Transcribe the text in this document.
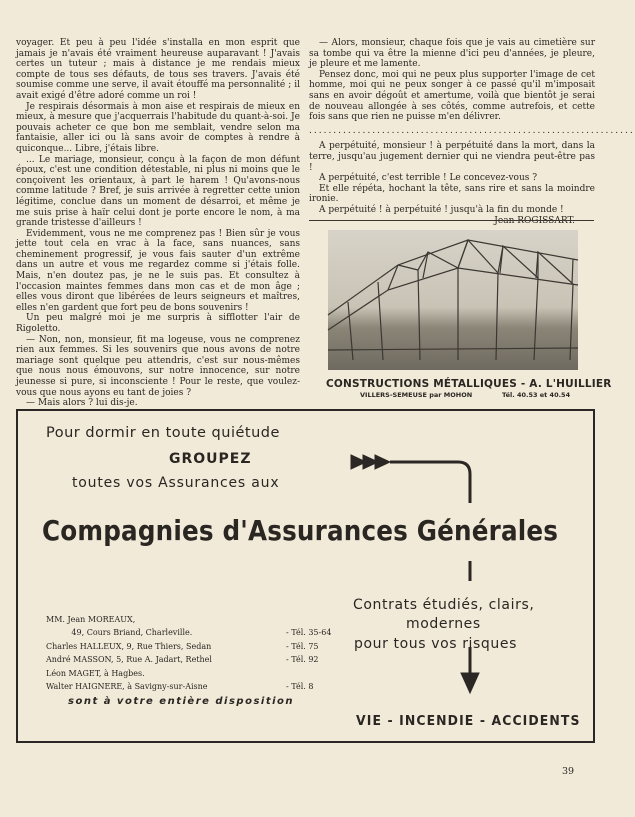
voyager. Et peu à peu l'idée s'installa en mon esprit que jamais je n'avais été vraiment heureuse auparavant ! J'avais certes un tuteur ; mais à distance je me rendais mieux compte de tous ses défauts, de tous ses travers. J'avais été soumise comme une serve, il avait étouffé ma personnalité ; il avait exigé d'être adoré comme un roi !

Je respirais désormais à mon aise et respirais de mieux en mieux, à mesure que j'acquerrais l'habitude du quant-à-soi. Je pouvais acheter ce que bon me semblait, vendre selon ma fantaisie, aller ici ou là sans avoir de comptes à rendre à quiconque... Libre, j'étais libre.

... Le mariage, monsieur, conçu à la façon de mon défunt époux, c'est une condition détestable, ni plus ni moins que le conçoivent les orientaux, à part le harem ! Qu'avons-nous comme latitude ? Bref, je suis arrivée à regretter cette union légitime, conclue dans un moment de désarroi, et même je me suis prise à haïr celui dont je porte encore le nom, à ma grande tristesse d'ailleurs !

Evidemment, vous ne me comprenez pas ! Bien sûr je vous jette tout cela en vrac à la face, sans nuances, sans cheminement progressif, je vous fais sauter d'un extrême dans un autre et vous me regardez comme si j'étais folle. Mais, n'en doutez pas, je ne le suis pas. Et consultez à l'occasion maintes femmes dans mon cas et de mon âge ; elles vous diront que libérées de leurs seigneurs et maîtres, elles n'en gardent que fort peu de bons souvenirs !

Un peu malgré moi je me surpris à sifflotter l'air de Rigoletto.

— Non, non, monsieur, fit ma logeuse, vous ne comprenez rien aux femmes. Si les souvenirs que nous avons de notre mariage sont quelque peu attendris, c'est sur nous-mêmes que nous nous émouvons, sur notre innocence, sur notre jeunesse si pure, si inconsciente ! Pour le reste, que voulez-vous que nous ayons eu tant de joies ?

— Mais alors ? lui dis-je.

— Alors, monsieur, chaque fois que je vais au cimetière sur sa tombe qui va être la mienne d'ici peu d'années, je pleure, je pleure et me lamente.

Pensez donc, moi qui ne peux plus supporter l'image de cet homme, moi qui ne peux songer à ce passé qu'il m'imposait sans en avoir dégoût et amertume, voilà que bientôt je serai de nouveau allongée à ses côtés, comme autrefois, et cette fois sans que rien ne puisse m'en délivrer.

...................................................................

A perpétuité, monsieur ! à perpétuité dans la mort, dans la terre, jusqu'au jugement dernier qui ne viendra peut-être pas !

A perpétuité, c'est terrible ! Le concevez-vous ?

Et elle répéta, hochant la tête, sans rire et sans la moindre ironie.

A perpétuité ! à perpétuité ! jusqu'à la fin du monde !

CONSTRUCTIONS MÉTALLIQUES - A. L'HUILLIER
VILLERS-SEMEUSE par MOHON	Tél. 40.53 et 40.54
Pour dormir en toute quiétude
GROUPEZ
toutes vos Assurances aux
Compagnies d'Assurances Générales
Contrats étudiés, clairs,
modernes
pour tous vos risques
MM. Jean MOREAUX,
49, Cours Briand, Charleville.	- Tél. 35-64
Charles HALLEUX, 9, Rue Thiers, Sedan	- Tél. 75
André MASSON, 5, Rue A. Jadart, Rethel	- Tél. 92
Léon MAGET, à Hagbes.
Walter HAIGNERE, à Savigny-sur-Aisne	- Tél. 8
sont à votre entière disposition
VIE - INCENDIE - ACCIDENTS
39
